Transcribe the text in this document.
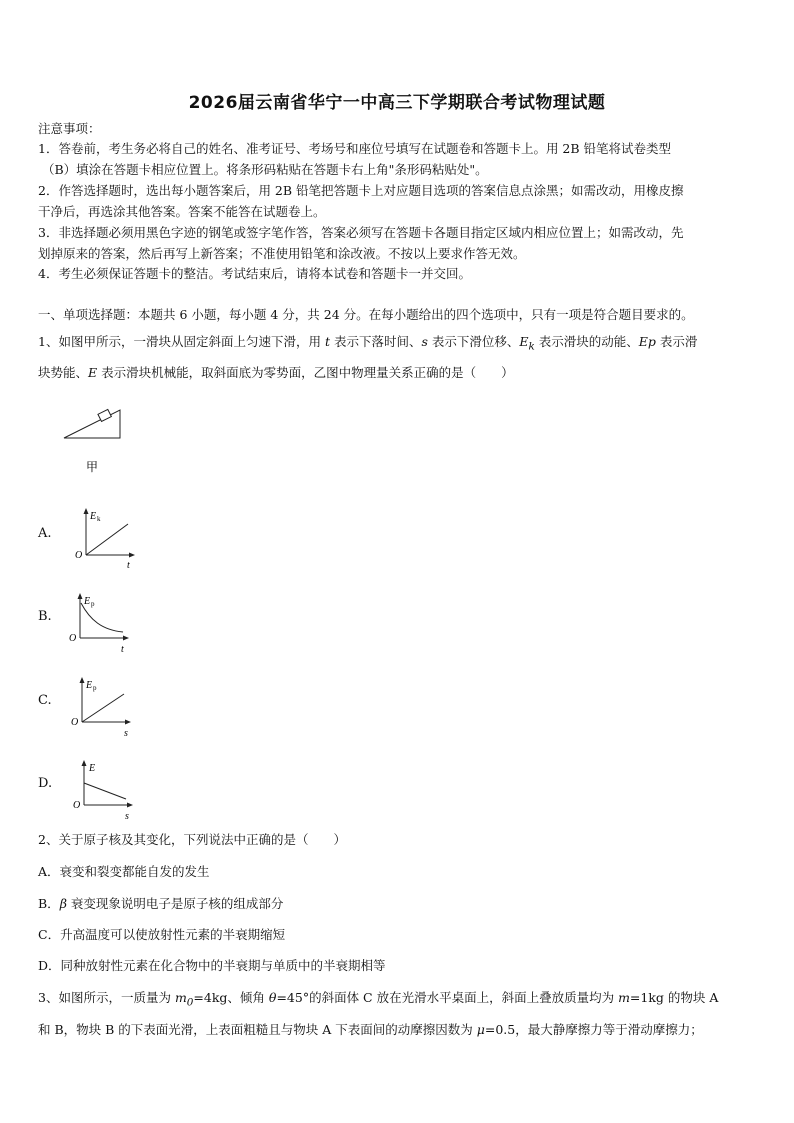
2026届云南省华宁一中高三下学期联合考试物理试题
注意事项：
1．答卷前，考生务必将自己的姓名、准考证号、考场号和座位号填写在试题卷和答题卡上。用 2B 铅笔将试卷类型
（B）填涂在答题卡相应位置上。将条形码粘贴在答题卡右上角"条形码粘贴处"。
2．作答选择题时，选出每小题答案后，用 2B 铅笔把答题卡上对应题目选项的答案信息点涂黑；如需改动，用橡皮擦
干净后，再选涂其他答案。答案不能答在试题卷上。
3．非选择题必须用黑色字迹的钢笔或签字笔作答，答案必须写在答题卡各题目指定区域内相应位置上；如需改动，先
划掉原来的答案，然后再写上新答案；不准使用铅笔和涂改液。不按以上要求作答无效。
4．考生必须保证答题卡的整洁。考试结束后，请将本试卷和答题卡一并交回。
一、单项选择题：本题共 6 小题，每小题 4 分，共 24 分。在每小题给出的四个选项中，只有一项是符合题目要求的。
1、如图甲所示，一滑块从固定斜面上匀速下滑，用 t 表示下落时间、s 表示下滑位移、$E_k$ 表示滑块的动能、Ep 表示滑
块势能、E 表示滑块机械能，取斜面底为零势面，乙图中物理量关系正确的是（　　）
甲
A.
E k
O
t
B.
E p
O
t
C.
E p
O
s
D.
E
O
s
2、关于原子核及其变化，下列说法中正确的是（　　）
A．衰变和裂变都能自发的发生
B．β 衰变现象说明电子是原子核的组成部分
C．升高温度可以使放射性元素的半衰期缩短
D．同种放射性元素在化合物中的半衰期与单质中的半衰期相等
3、如图所示，一质量为 $m_0=4kg$、倾角 θ=45°的斜面体 C 放在光滑水平桌面上，斜面上叠放质量均为 m=1kg 的物块 A
和 B，物块 B 的下表面光滑，上表面粗糙且与物块 A 下表面间的动摩擦因数为 μ=0.5，最大静摩擦力等于滑动摩擦力；
